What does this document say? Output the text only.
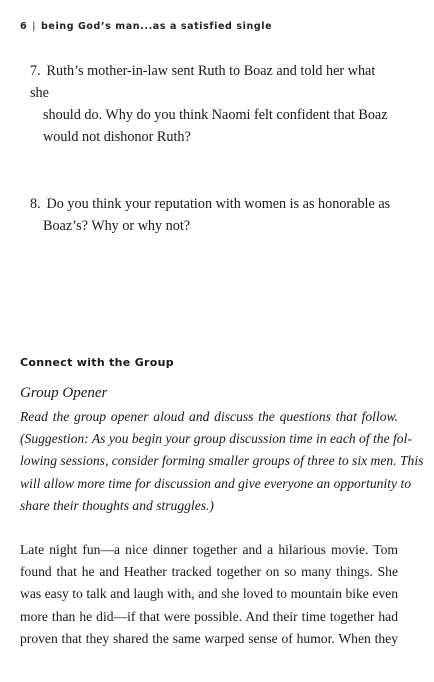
6 | being God’s man...as a satisfied single
7. Ruth’s mother-in-law sent Ruth to Boaz and told her what she
should do. Why do you think Naomi felt confident that Boaz
would not dishonor Ruth?
8. Do you think your reputation with women is as honorable as
Boaz’s? Why or why not?
Connect with the Group
Group Opener
Read the group opener aloud and discuss the questions that follow.
(Suggestion: As you begin your group discussion time in each of the fol-
lowing sessions, consider forming smaller groups of three to six men. This
will allow more time for discussion and give everyone an opportunity to
share their thoughts and struggles.)
Late night fun—a nice dinner together and a hilarious movie. Tom
found that he and Heather tracked together on so many things. She
was easy to talk and laugh with, and she loved to mountain bike even
more than he did—if that were possible. And their time together had
proven that they shared the same warped sense of humor. When they
